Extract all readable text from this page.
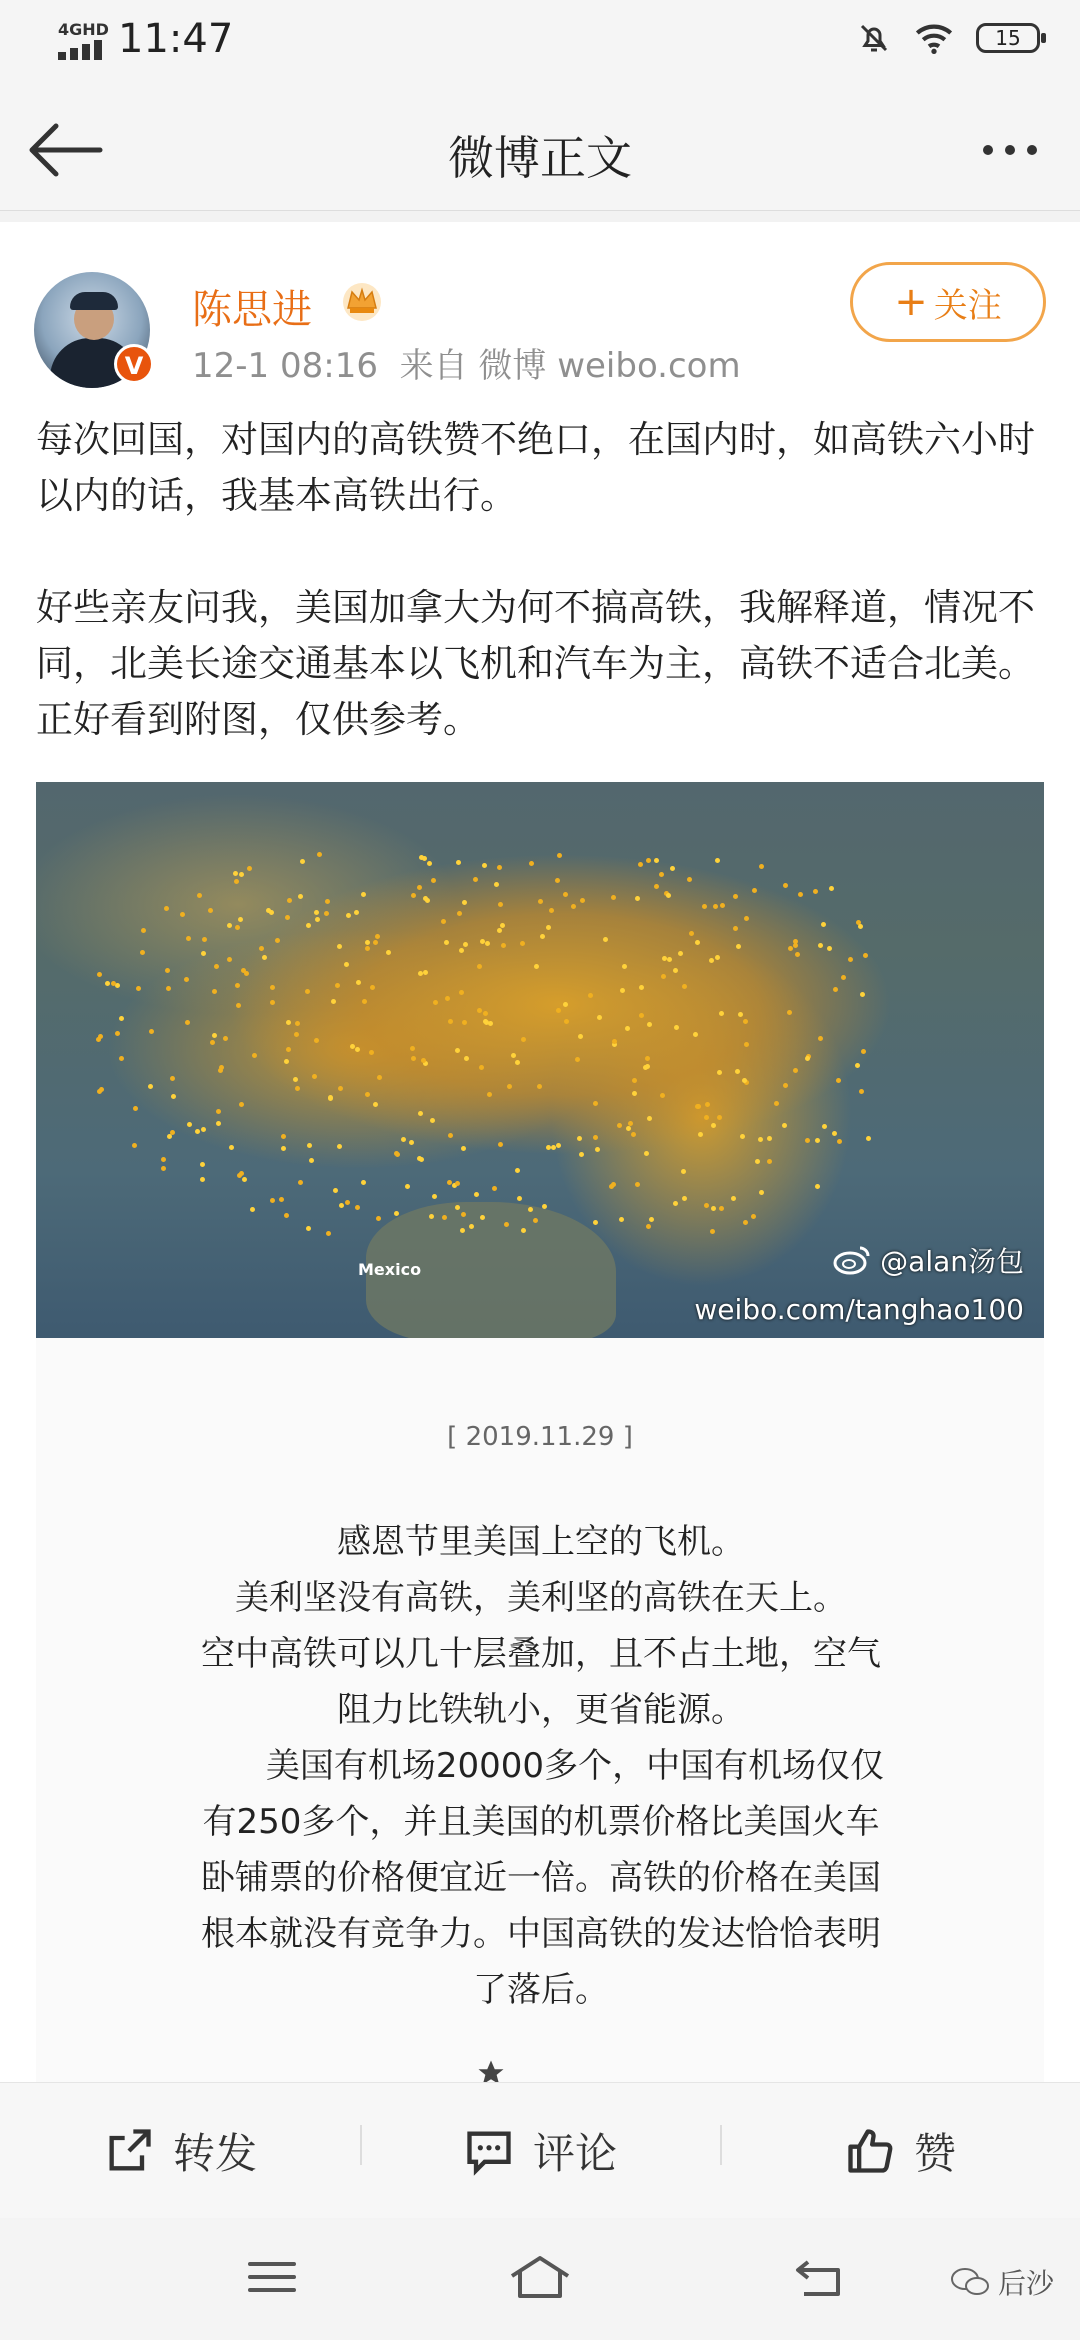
4GHD 11:47	15
微博正文
V
陈思进
12-1 08:16 来自 微博 weibo.com
+ 关注

每次回国，对国内的高铁赞不绝口，在国内时，如高铁六小时以内的话，我基本高铁出行。

好些亲友问我，美国加拿大为何不搞高铁，我解释道，情况不同，北美长途交通基本以飞机和汽车为主，高铁不适合北美。正好看到附图，仅供参考。

Mexico	@alan汤包
weibo.com/tanghao100
[ 2019.11.29 ]
感恩节里美国上空的飞机。
美利坚没有高铁，美利坚的高铁在天上。
空中高铁可以几十层叠加，且不占土地，空气
阻力比铁轨小，更省能源。
　　美国有机场20000多个，中国有机场仅仅
有250多个，并且美国的机票价格比美国火车
卧铺票的价格便宜近一倍。高铁的价格在美国
根本就没有竞争力。中国高铁的发达恰恰表明
了落后。
转发	评论	赞
后沙
